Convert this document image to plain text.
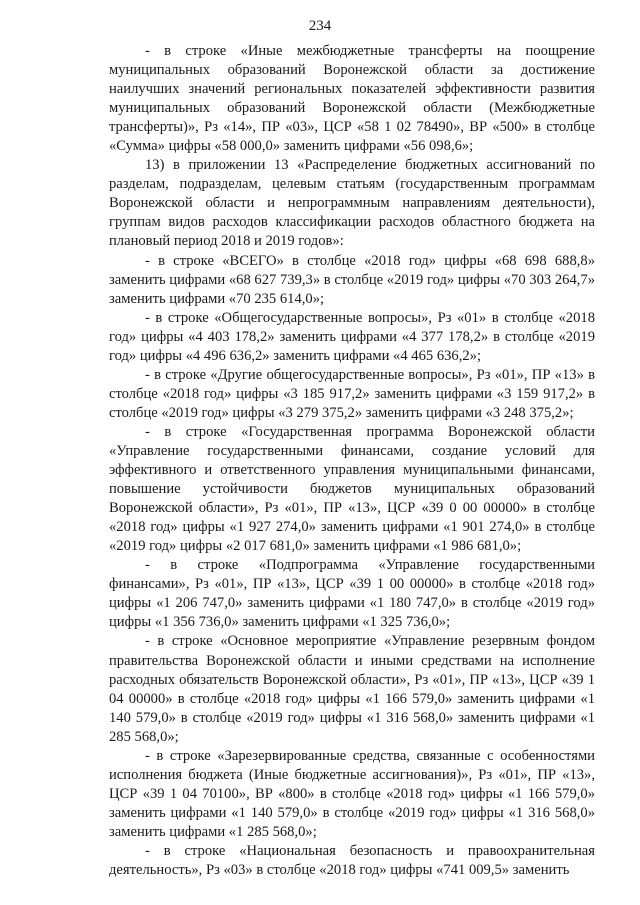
234

- в строке «Иные межбюджетные трансферты на поощрение муниципальных образований Воронежской области за достижение наилучших значений региональных показателей эффективности развития муниципальных образований Воронежской области (Межбюджетные трансферты)», Рз «14», ПР «03», ЦСР «58 1 02 78490», ВР «500» в столбце «Сумма» цифры «58 000,0» заменить цифрами «56 098,6»;

13) в приложении 13 «Распределение бюджетных ассигнований по разделам, подразделам, целевым статьям (государственным программам Воронежской области и непрограммным направлениям деятельности), группам видов расходов классификации расходов областного бюджета на плановый период 2018 и 2019 годов»:

- в строке «ВСЕГО» в столбце «2018 год» цифры «68 698 688,8» заменить цифрами «68 627 739,3» в столбце «2019 год» цифры «70 303 264,7» заменить цифрами «70 235 614,0»;

- в строке «Общегосударственные вопросы», Рз «01» в столбце «2018 год» цифры «4 403 178,2» заменить цифрами «4 377 178,2» в столбце «2019 год» цифры «4 496 636,2» заменить цифрами «4 465 636,2»;

- в строке «Другие общегосударственные вопросы», Рз «01», ПР «13» в столбце «2018 год» цифры «3 185 917,2» заменить цифрами «3 159 917,2» в столбце «2019 год» цифры «3 279 375,2» заменить цифрами «3 248 375,2»;

- в строке «Государственная программа Воронежской области «Управление государственными финансами, создание условий для эффективного и ответственного управления муниципальными финансами, повышение устойчивости бюджетов муниципальных образований Воронежской области», Рз «01», ПР «13», ЦСР «39 0 00 00000» в столбце «2018 год» цифры «1 927 274,0» заменить цифрами «1 901 274,0» в столбце «2019 год» цифры «2 017 681,0» заменить цифрами «1 986 681,0»;

- в строке «Подпрограмма «Управление государственными финансами», Рз «01», ПР «13», ЦСР «39 1 00 00000» в столбце «2018 год» цифры «1 206 747,0» заменить цифрами «1 180 747,0» в столбце «2019 год» цифры «1 356 736,0» заменить цифрами «1 325 736,0»;

- в строке «Основное мероприятие «Управление резервным фондом правительства Воронежской области и иными средствами на исполнение расходных обязательств Воронежской области», Рз «01», ПР «13», ЦСР «39 1 04 00000» в столбце «2018 год» цифры «1 166 579,0» заменить цифрами «1 140 579,0» в столбце «2019 год» цифры «1 316 568,0» заменить цифрами «1 285 568,0»;

- в строке «Зарезервированные средства, связанные с особенностями исполнения бюджета (Иные бюджетные ассигнования)», Рз «01», ПР «13», ЦСР «39 1 04 70100», ВР «800» в столбце «2018 год» цифры «1 166 579,0» заменить цифрами «1 140 579,0» в столбце «2019 год» цифры «1 316 568,0» заменить цифрами «1 285 568,0»;

- в строке «Национальная безопасность и правоохранительная деятельность», Рз «03» в столбце «2018 год» цифры «741 009,5» заменить
